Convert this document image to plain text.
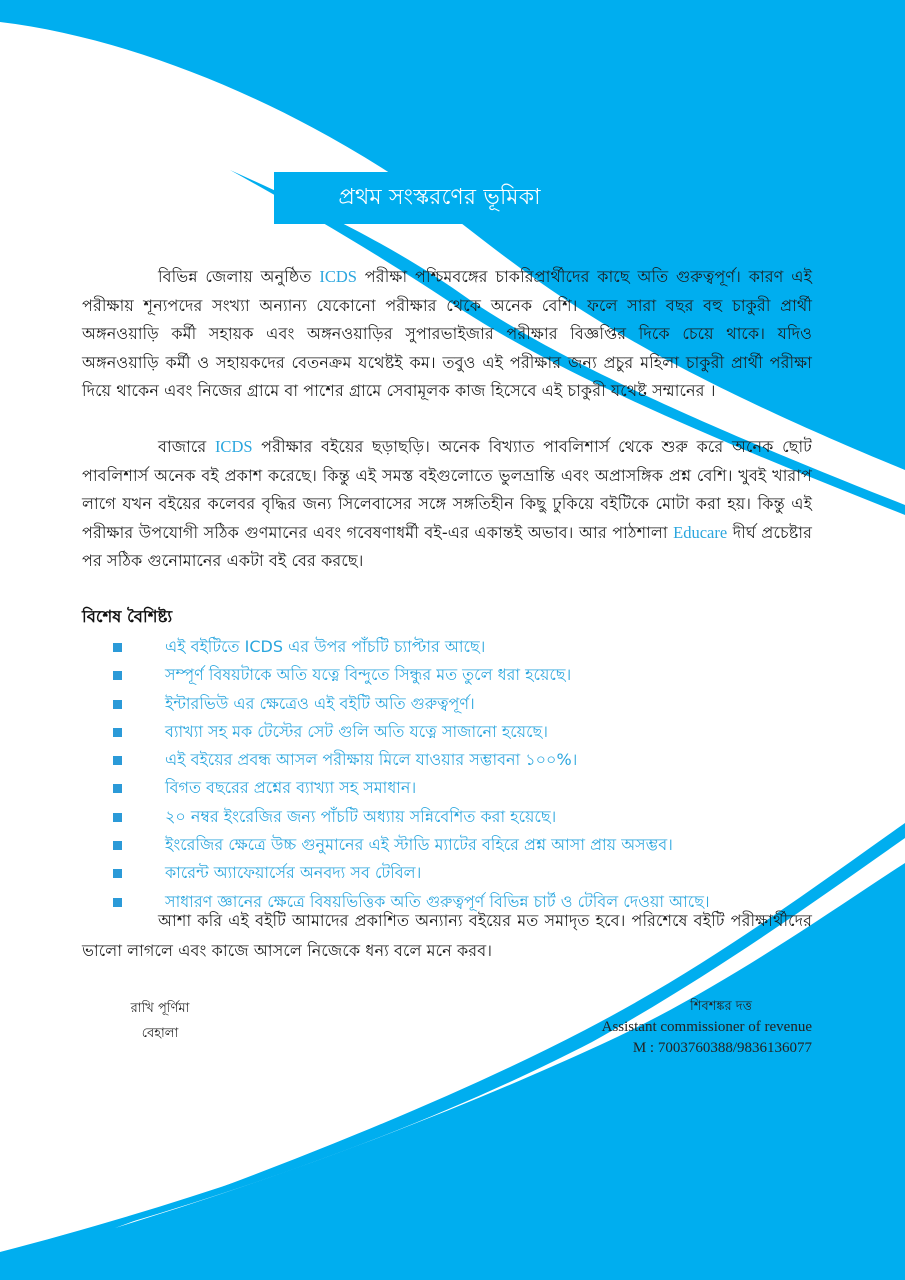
প্রথম সংস্করণের ভূমিকা
বিভিন্ন জেলায় অনুষ্ঠিত ICDS পরীক্ষা পশ্চিমবঙ্গের চাকরিপ্রার্থীদের কাছে অতি গুরুত্বপূর্ণ। কারণ এই পরীক্ষায় শূন্যপদের সংখ্যা অন্যান্য যেকোনো পরীক্ষার থেকে অনেক বেশি। ফলে সারা বছর বহু চাকুরী প্রার্থী অঙ্গনওয়াড়ি কর্মী সহায়ক এবং অঙ্গনওয়াড়ির সুপারভাইজার পরীক্ষার বিজ্ঞপ্তির দিকে চেয়ে থাকে। যদিও অঙ্গনওয়াড়ি কর্মী ও সহায়কদের বেতনক্রম যথেষ্টই কম। তবুও এই পরীক্ষার জন্য প্রচুর মহিলা চাকুরী প্রার্থী পরীক্ষা দিয়ে থাকেন এবং নিজের গ্রামে বা পাশের গ্রামে সেবামূলক কাজ হিসেবে এই চাকুরী যথেষ্ট সম্মানের ।
বাজারে ICDS পরীক্ষার বইয়ের ছড়াছড়ি। অনেক বিখ্যাত পাবলিশার্স থেকে শুরু করে অনেক ছোট পাবলিশার্স অনেক বই প্রকাশ করেছে। কিন্তু এই সমস্ত বইগুলোতে ভুলভ্রান্তি এবং অপ্রাসঙ্গিক প্রশ্ন বেশি। খুবই খারাপ লাগে যখন বইয়ের কলেবর বৃদ্ধির জন্য সিলেবাসের সঙ্গে সঙ্গতিহীন কিছু ঢুকিয়ে বইটিকে মোটা করা হয়। কিন্তু এই পরীক্ষার উপযোগী সঠিক গুণমানের এবং গবেষণাধর্মী বই-এর একান্তই অভাব। আর পাঠশালা Educare দীর্ঘ প্রচেষ্টার পর সঠিক গুনোমানের একটা বই বের করছে।
বিশেষ বৈশিষ্ট্য
এই বইটিতে ICDS এর উপর পাঁচটি চ্যাপ্টার আছে।
সম্পূর্ণ বিষয়টাকে অতি যত্নে বিন্দুতে সিন্ধুর মত তুলে ধরা হয়েছে।
ইন্টারভিউ এর ক্ষেত্রেও এই বইটি অতি গুরুত্বপূর্ণ।
ব্যাখ্যা সহ মক টেস্টের সেট গুলি অতি যত্নে সাজানো হয়েছে।
এই বইয়ের প্রবন্ধ আসল পরীক্ষায় মিলে যাওয়ার সম্ভাবনা ১০০%।
বিগত বছরের প্রশ্নের ব্যাখ্যা সহ সমাধান।
২০ নম্বর ইংরেজির জন্য পাঁচটি অধ্যায় সন্নিবেশিত করা হয়েছে।
ইংরেজির ক্ষেত্রে উচ্চ গুনুমানের এই স্টাডি ম্যাটের বহিরে প্রশ্ন আসা প্রায় অসম্ভব।
কারেন্ট অ্যাফেয়ার্সের অনবদ্য সব টেবিল।
সাধারণ জ্ঞানের ক্ষেত্রে বিষয়ভিত্তিক অতি গুরুত্বপূর্ণ বিভিন্ন চার্ট ও টেবিল দেওয়া আছে।
আশা করি এই বইটি আমাদের প্রকাশিত অন্যান্য বইয়ের মত সমাদৃত হবে। পরিশেষে বইটি পরীক্ষার্থীদের ভালো লাগলে এবং কাজে আসলে নিজেকে ধন্য বলে মনে করব।
রাখি পূর্ণিমা
বেহালা
শিবশঙ্কর দত্ত
Assistant commissioner of revenue
M : 7003760388/9836136077
